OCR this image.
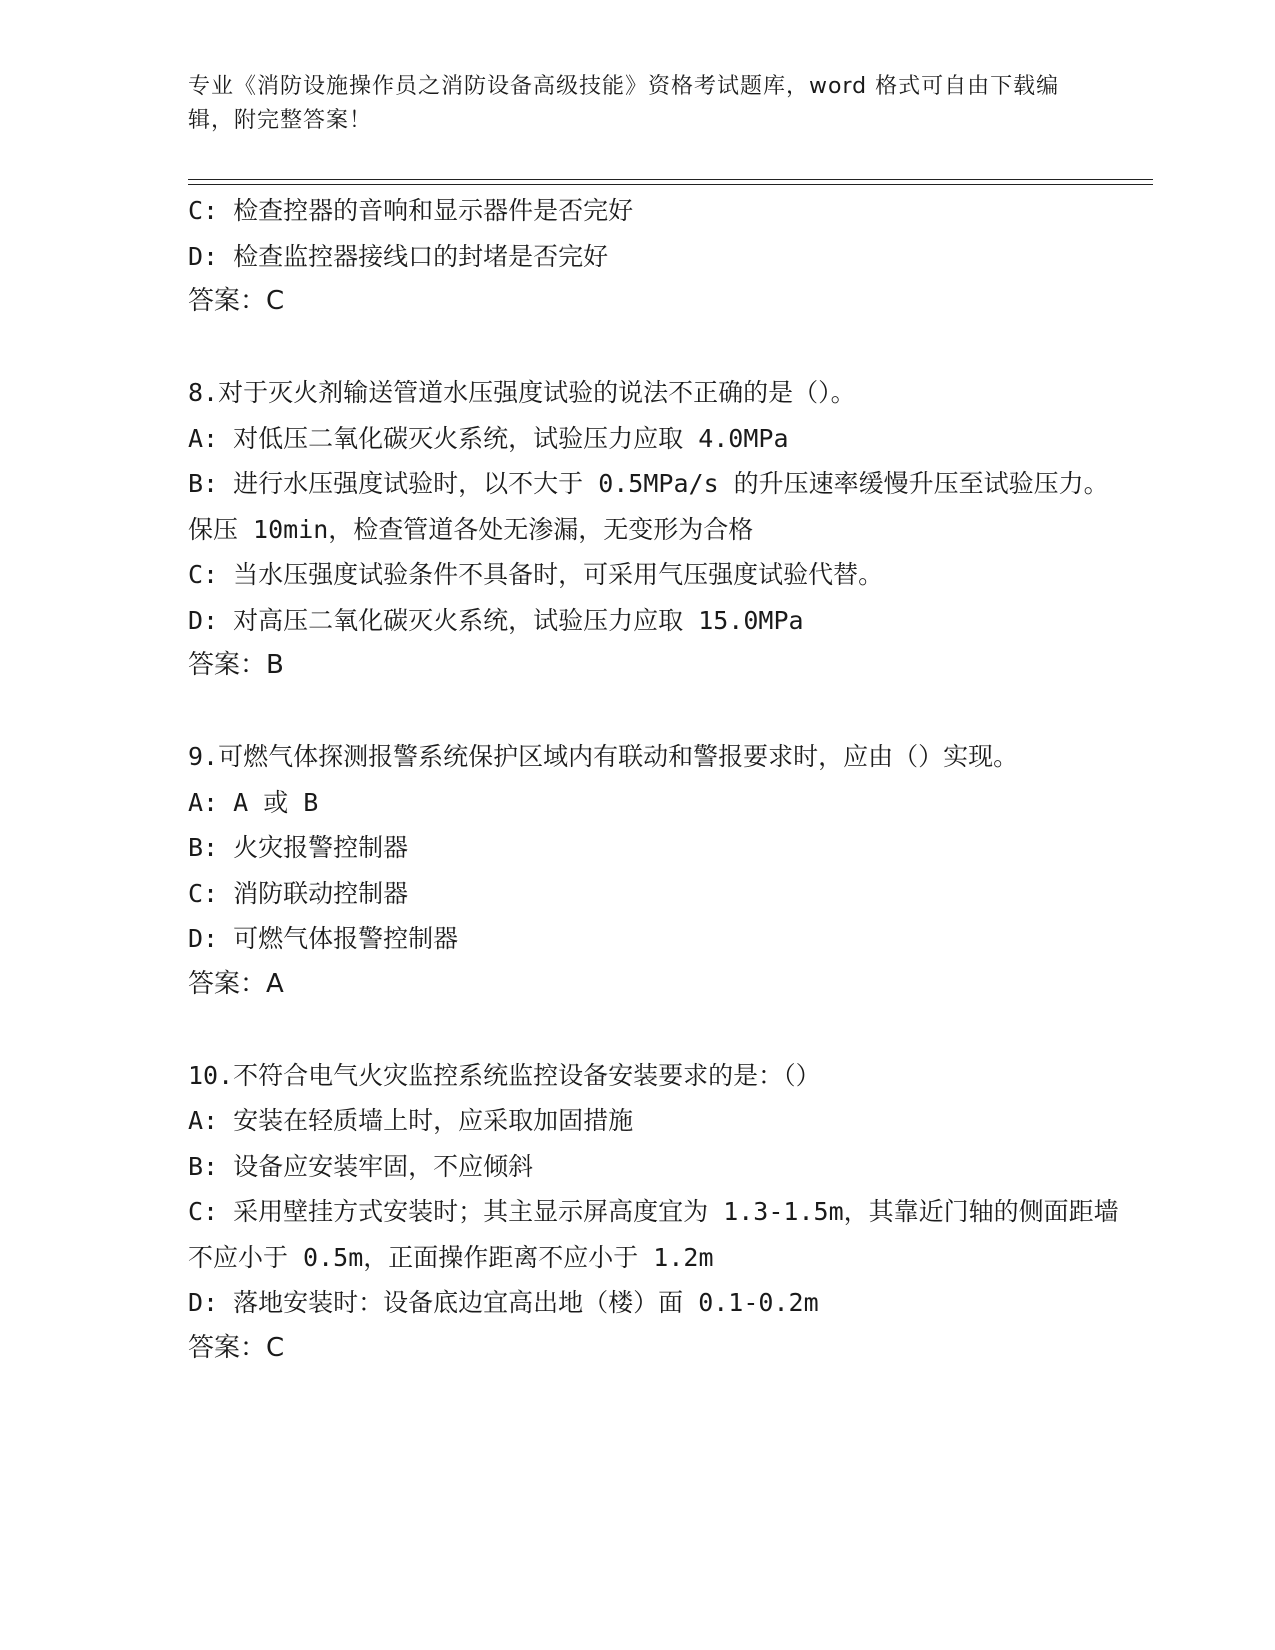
专业《消防设施操作员之消防设备高级技能》资格考试题库，word 格式可自由下载编辑，附完整答案！
C: 检查控器的音响和显示器件是否完好
D: 检查监控器接线口的封堵是否完好
答案：C
8.对于灭火剂输送管道水压强度试验的说法不正确的是（）。
A: 对低压二氧化碳灭火系统，试验压力应取 4.0MPa
B: 进行水压强度试验时，以不大于 0.5MPa/s 的升压速率缓慢升压至试验压力。保压 10min，检查管道各处无渗漏，无变形为合格
C: 当水压强度试验条件不具备时，可采用气压强度试验代替。
D: 对高压二氧化碳灭火系统，试验压力应取 15.0MPa
答案：B
9.可燃气体探测报警系统保护区域内有联动和警报要求时，应由（）实现。
A: A 或 B
B: 火灾报警控制器
C: 消防联动控制器
D: 可燃气体报警控制器
答案：A
10.不符合电气火灾监控系统监控设备安装要求的是：（）
A: 安装在轻质墙上时，应采取加固措施
B: 设备应安装牢固，不应倾斜
C: 采用壁挂方式安装时；其主显示屏高度宜为 1.3-1.5m，其靠近门轴的侧面距墙不应小于 0.5m，正面操作距离不应小于 1.2m
D: 落地安装时：设备底边宜高出地（楼）面 0.1-0.2m
答案：C
